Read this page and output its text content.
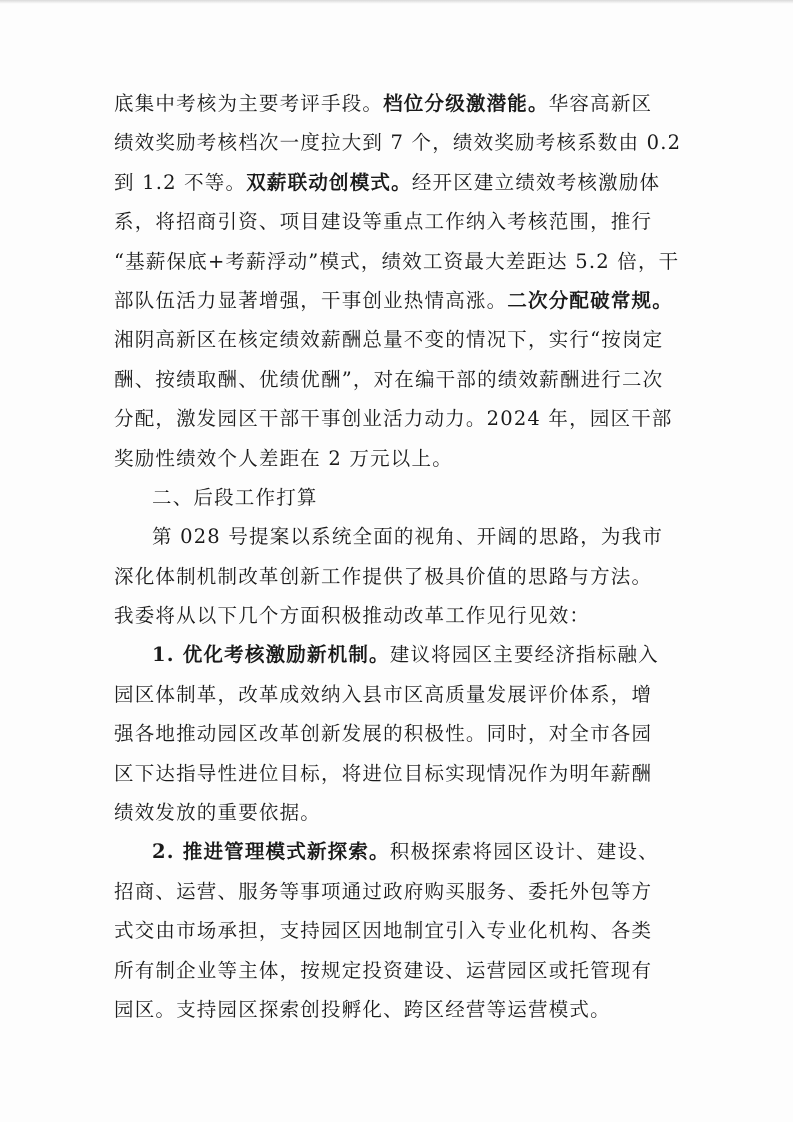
底集中考核为主要考评手段。档位分级激潜能。华容高新区
绩效奖励考核档次一度拉大到 7 个，绩效奖励考核系数由 0.2
到 1.2 不等。双薪联动创模式。经开区建立绩效考核激励体
系，将招商引资、项目建设等重点工作纳入考核范围，推行
“基薪保底+考薪浮动”模式，绩效工资最大差距达 5.2 倍，干
部队伍活力显著增强，干事创业热情高涨。二次分配破常规。
湘阴高新区在核定绩效薪酬总量不变的情况下，实行“按岗定
酬、按绩取酬、优绩优酬”，对在编干部的绩效薪酬进行二次
分配，激发园区干部干事创业活力动力。2024 年，园区干部
奖励性绩效个人差距在 2 万元以上。
二、后段工作打算
第 028 号提案以系统全面的视角、开阔的思路，为我市
深化体制机制改革创新工作提供了极具价值的思路与方法。
我委将从以下几个方面积极推动改革工作见行见效：
1. 优化考核激励新机制。建议将园区主要经济指标融入
园区体制革，改革成效纳入县市区高质量发展评价体系，增
强各地推动园区改革创新发展的积极性。同时，对全市各园
区下达指导性进位目标，将进位目标实现情况作为明年薪酬
绩效发放的重要依据。
2. 推进管理模式新探索。积极探索将园区设计、建设、
招商、运营、服务等事项通过政府购买服务、委托外包等方
式交由市场承担，支持园区因地制宜引入专业化机构、各类
所有制企业等主体，按规定投资建设、运营园区或托管现有
园区。支持园区探索创投孵化、跨区经营等运营模式。
